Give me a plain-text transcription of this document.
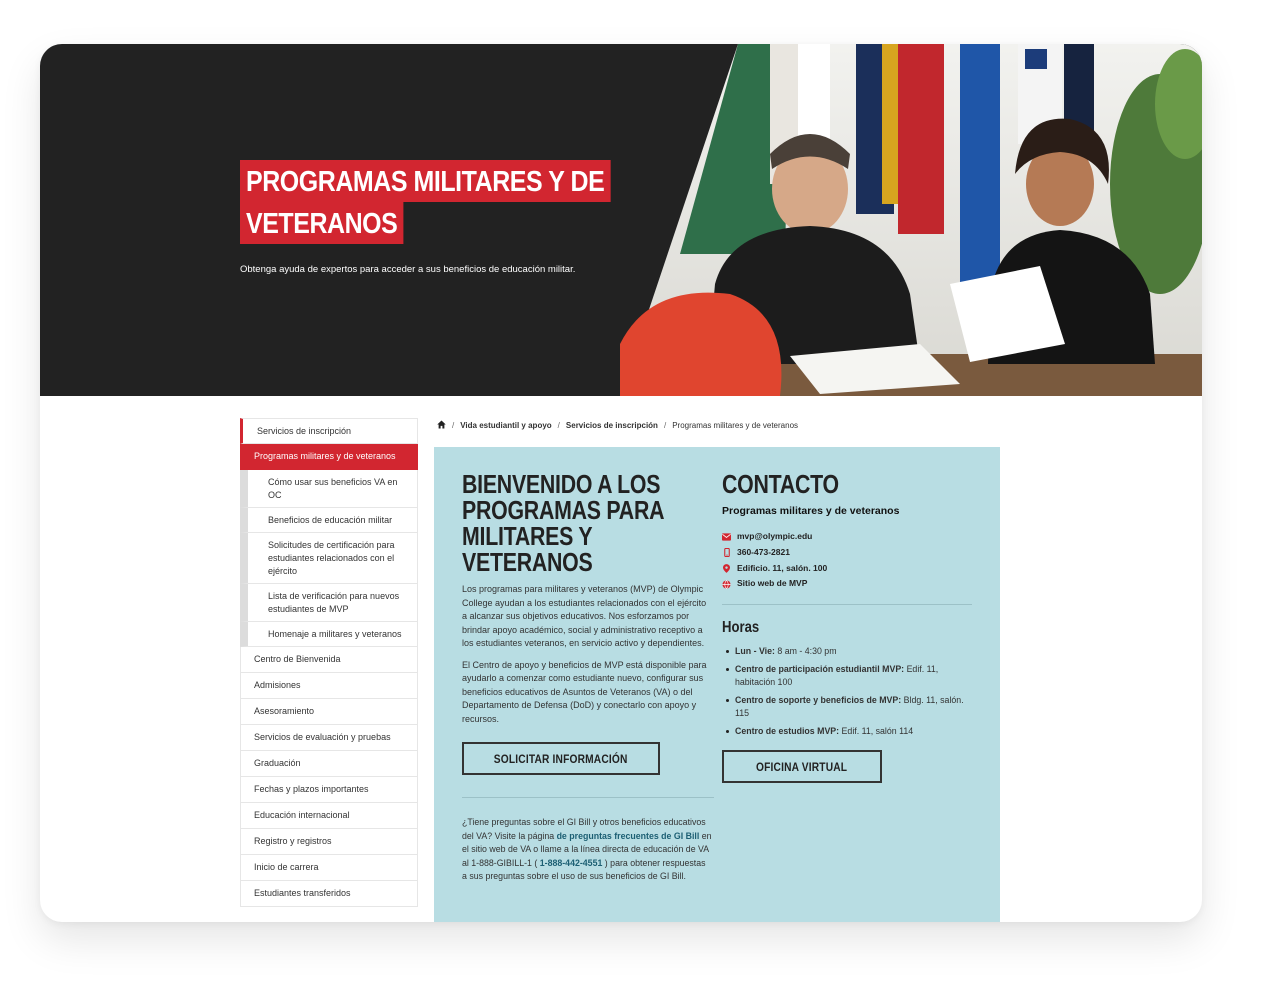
PROGRAMAS MILITARES Y DE
VETERANOS
Obtenga ayuda de expertos para acceder a sus beneficios de educación militar.
Servicios de inscripción
Programas militares y de veteranos
Cómo usar sus beneficios VA en OC
Beneficios de educación militar
Solicitudes de certificación para estudiantes relacionados con el ejército
Lista de verificación para nuevos estudiantes de MVP
Homenaje a militares y veteranos
Centro de Bienvenida
Admisiones
Asesoramiento
Servicios de evaluación y pruebas
Graduación
Fechas y plazos importantes
Educación internacional
Registro y registros
Inicio de carrera
Estudiantes transferidos
/ Vida estudiantil y apoyo / Servicios de inscripción / Programas militares y de veteranos
BIENVENIDO A LOS
PROGRAMAS PARA
MILITARES Y VETERANOS

Los programas para militares y veteranos (MVP) de Olympic College ayudan a los estudiantes relacionados con el ejército a alcanzar sus objetivos educativos. Nos esforzamos por brindar apoyo académico, social y administrativo receptivo a los estudiantes veteranos, en servicio activo y dependientes.

El Centro de apoyo y beneficios de MVP está disponible para ayudarlo a comenzar como estudiante nuevo, configurar sus beneficios educativos de Asuntos de Veteranos (VA) o del Departamento de Defensa (DoD) y conectarlo con apoyo y recursos.

SOLICITAR INFORMACIÓN

¿Tiene preguntas sobre el GI Bill y otros beneficios educativos del VA? Visite la página de preguntas frecuentes de GI Bill en el sitio web de VA o llame a la línea directa de educación de VA al 1-888-GIBILL-1 ( 1-888-442-4551 ) para obtener respuestas a sus preguntas sobre el uso de sus beneficios de GI Bill.

CONTACTO
Programas militares y de veteranos
mvp@olympic.edu
360-473-2821
Edificio. 11, salón. 100
Sitio web de MVP
Horas
Lun - Vie: 8 am - 4:30 pm
Centro de participación estudiantil MVP: Edif. 11, habitación 100
Centro de soporte y beneficios de MVP: Bldg. 11, salón. 115
Centro de estudios MVP: Edif. 11, salón 114
OFICINA VIRTUAL
